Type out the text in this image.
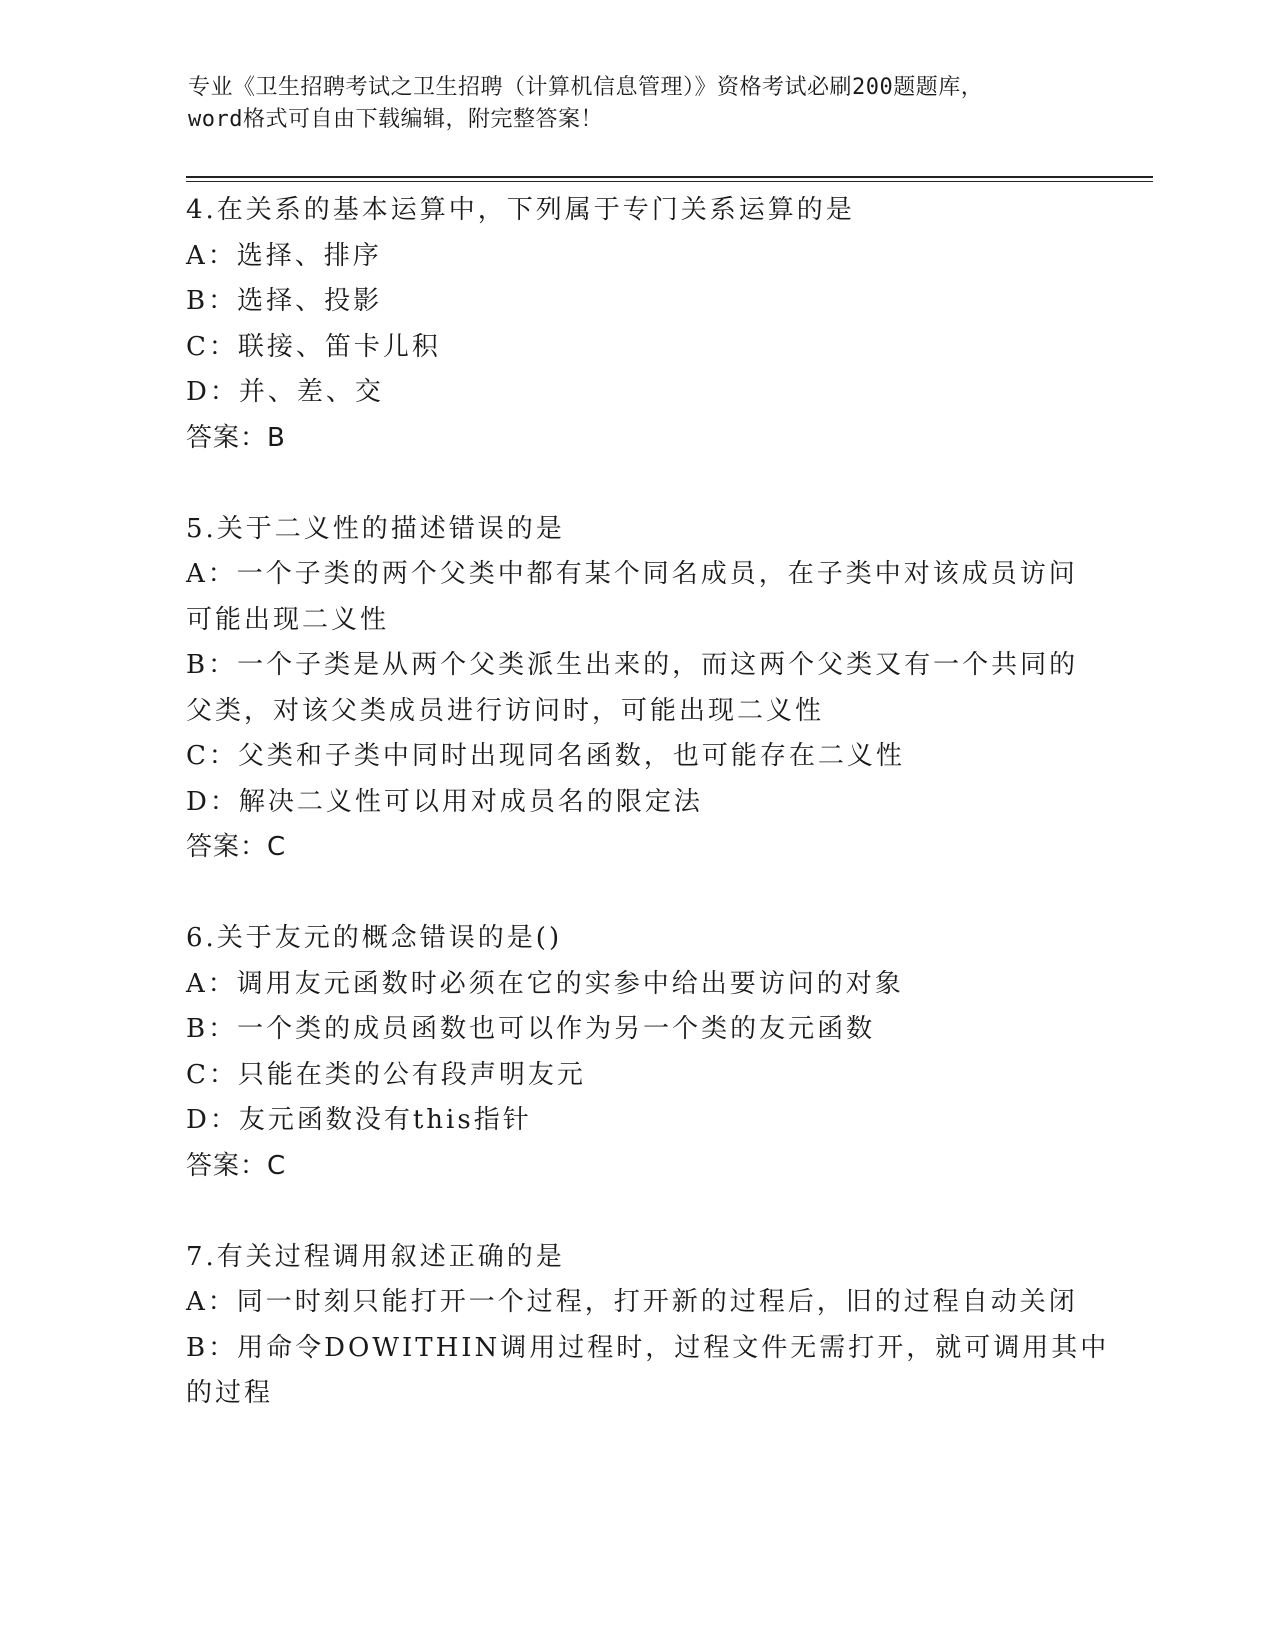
专业《卫生招聘考试之卫生招聘（计算机信息管理）》资格考试必刷200题题库，

word格式可自由下载编辑，附完整答案！

4.在关系的基本运算中，下列属于专门关系运算的是

A：选择、排序

B：选择、投影

C：联接、笛卡儿积

D：并、差、交

答案：B

5.关于二义性的描述错误的是

A：一个子类的两个父类中都有某个同名成员，在子类中对该成员访问

可能出现二义性

B：一个子类是从两个父类派生出来的，而这两个父类又有一个共同的

父类，对该父类成员进行访问时，可能出现二义性

C：父类和子类中同时出现同名函数，也可能存在二义性

D：解决二义性可以用对成员名的限定法

答案：C

6.关于友元的概念错误的是()

A：调用友元函数时必须在它的实参中给出要访问的对象

B：一个类的成员函数也可以作为另一个类的友元函数

C：只能在类的公有段声明友元

D：友元函数没有this指针

答案：C

7.有关过程调用叙述正确的是

A：同一时刻只能打开一个过程，打开新的过程后，旧的过程自动关闭

B：用命令DOWITHIN调用过程时，过程文件无需打开，就可调用其中

的过程
